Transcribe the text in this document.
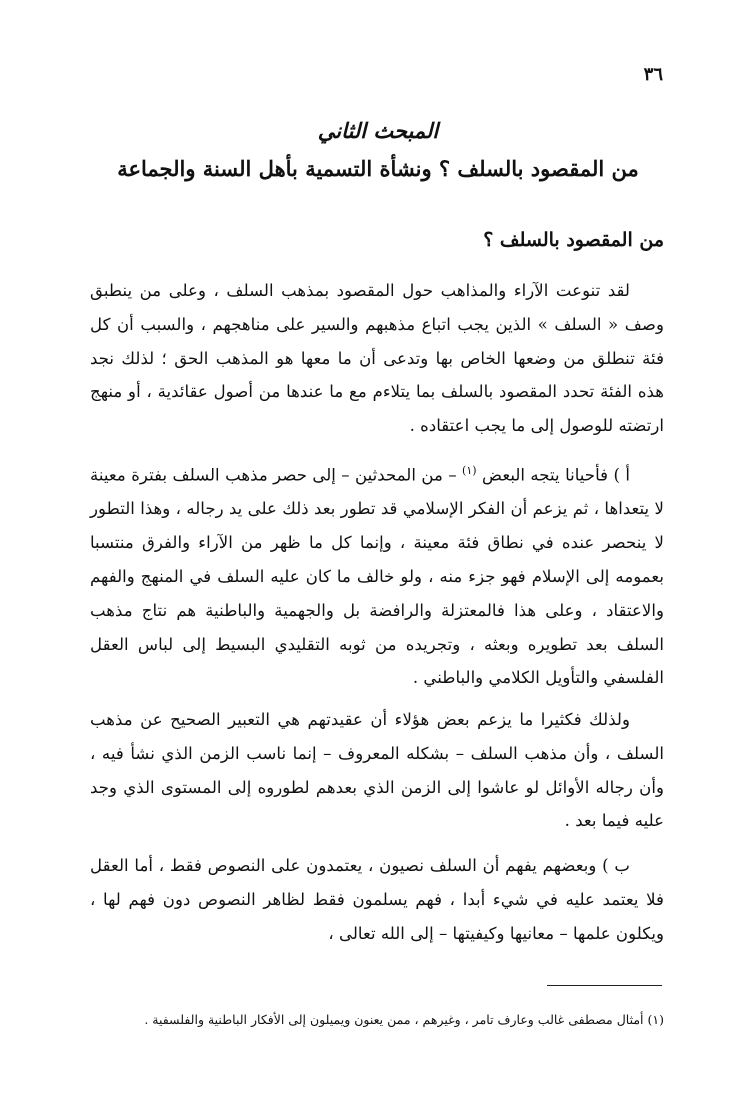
٣٦
المبحث الثاني
من المقصود بالسلف ؟ ونشأة التسمية بأهل السنة والجماعة
من المقصود بالسلف ؟

لقد تنوعت الآراء والمذاهب حول المقصود بمذهب السلف ، وعلى من ينطبق وصف « السلف » الذين يجب اتباع مذهبهم والسير على مناهجهم ، والسبب أن كل فئة تنطلق من وضعها الخاص بها وتدعى أن ما معها هو المذهب الحق ؛ لذلك نجد هذه الفئة تحدد المقصود بالسلف بما يتلاءم مع ما عندها من أصول عقائدية ، أو منهج ارتضته للوصول إلى ما يجب اعتقاده .

أ ) فأحيانا يتجه البعض $^{(١)}$ – من المحدثين – إلى حصر مذهب السلف بفترة معينة لا يتعداها ، ثم يزعم أن الفكر الإسلامي قد تطور بعد ذلك على يد رجاله ، وهذا التطور لا ينحصر عنده في نطاق فئة معينة ، وإنما كل ما ظهر من الآراء والفرق منتسبا بعمومه إلى الإسلام فهو جزء منه ، ولو خالف ما كان عليه السلف في المنهج والفهم والاعتقاد ، وعلى هذا فالمعتزلة والرافضة بل والجهمية والباطنية هم نتاج مذهب السلف بعد تطويره وبعثه ، وتجريده من ثوبه التقليدي البسيط إلى لباس العقل الفلسفي والتأويل الكلامي والباطني .

ولذلك فكثيرا ما يزعم بعض هؤلاء أن عقيدتهم هي التعبير الصحيح عن مذهب السلف ، وأن مذهب السلف – بشكله المعروف – إنما ناسب الزمن الذي نشأ فيه ، وأن رجاله الأوائل لو عاشوا إلى الزمن الذي بعدهم لطوروه إلى المستوى الذي وجد عليه فيما بعد .

ب ) وبعضهم يفهم أن السلف نصيون ، يعتمدون على النصوص فقط ، أما العقل فلا يعتمد عليه في شيء أبدا ، فهم يسلمون فقط لظاهر النصوص دون فهم لها ، ويكلون علمها – معانيها وكيفيتها – إلى الله تعالى ،

(١) أمثال مصطفى غالب وعارف تامر ، وغيرهم ، ممن يعنون ويميلون إلى الأفكار الباطنية والفلسفية .
